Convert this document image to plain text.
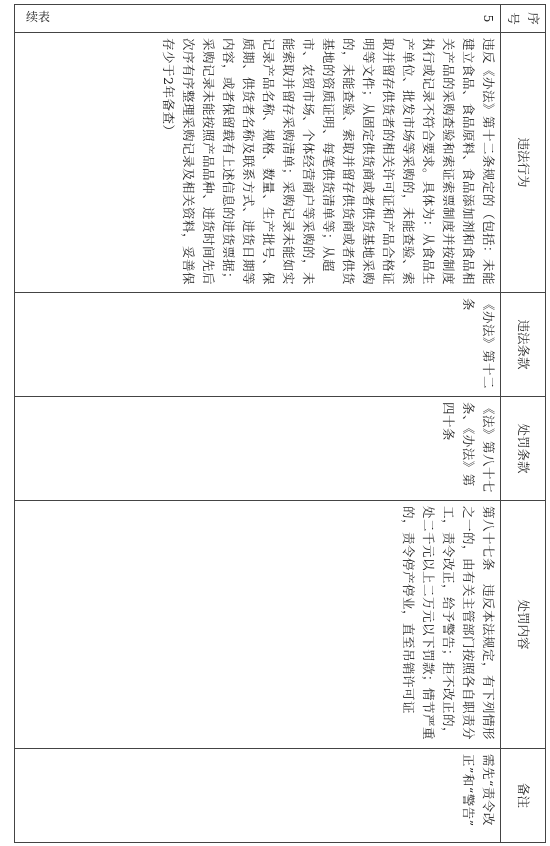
续表	序号	违法行为	违法条款	处罚条款	处罚内容	备注
5	违反《办法》第十二条规定的（包括：未能建立食品、食品原料、食品添加剂和食品相关产品的采购查验和索证索票制度并按制度执行或记录不符合要求。具体为：从食品生产单位、批发市场等采购的，未能查验、索取并留存供货者的相关许可证和产品合格证明等文件；从固定供货商或者供货基地采购的，未能查验、索取并留存供货商或者供货基地的资质证明、每笔供货清单等；从超市、农贸市场、个体经营商户等采购的，未能索取并留存采购清单；采购记录未能如实记录产品名称、规格、数量、生产批号、保质期、供货者名称及联系方式、进货日期等内容，或者保留载有上述信息的进货票据；采购记录未能按照产品品种、进货时间先后次序有序整理采购记录及相关资料，妥善保存少于2年备查）	《办法》第十二条	《法》第八十七条、《办法》第四十条	第八十七条　违反本法规定，有下列情形之一的，由有关主管部门按照各自职责分工，责令改正，给予警告；拒不改正的，处二千元以上二万元以下罚款；情节严重的，责令停产停业，直至吊销许可证	需先“责令改正”和“警告”
